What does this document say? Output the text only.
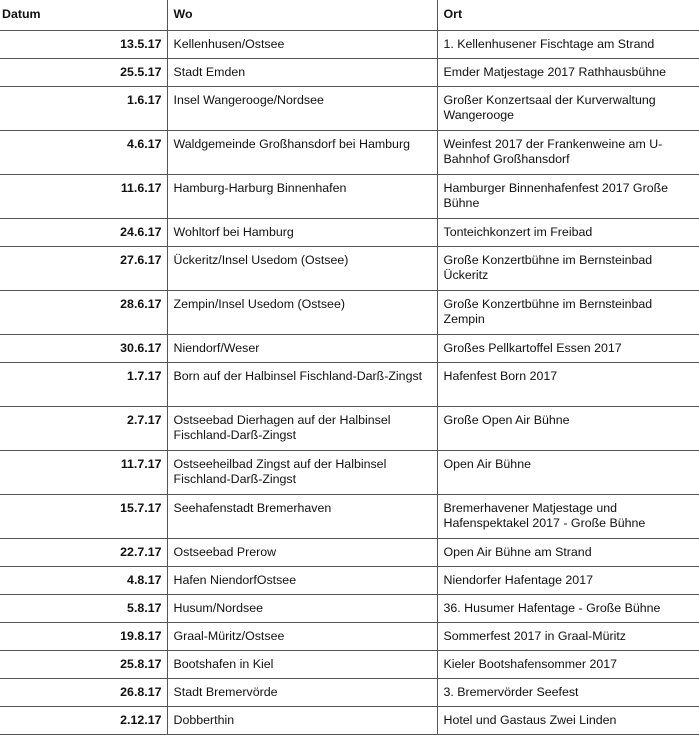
Datum	Wo	Ort
13.5.17	Kellenhusen/Ostsee	1. Kellenhusener Fischtage am Strand
25.5.17	Stadt Emden	Emder Matjestage 2017 Rathhausbühne
1.6.17	Insel Wangerooge/Nordsee	Großer Konzertsaal der Kurverwaltung Wangerooge
4.6.17	Waldgemeinde Großhansdorf bei Hamburg	Weinfest 2017 der Frankenweine am U-Bahnhof Großhansdorf
11.6.17	Hamburg-Harburg Binnenhafen	Hamburger Binnenhafenfest 2017 Große Bühne
24.6.17	Wohltorf bei Hamburg	Tonteichkonzert im Freibad
27.6.17	Ückeritz/Insel Usedom (Ostsee)	Große Konzertbühne im Bernsteinbad Ückeritz
28.6.17	Zempin/Insel Usedom (Ostsee)	Große Konzertbühne im Bernsteinbad Zempin
30.6.17	Niendorf/Weser	Großes Pellkartoffel Essen 2017
1.7.17	Born auf der Halbinsel Fischland-Darß-Zingst	Hafenfest Born 2017
2.7.17	Ostseebad Dierhagen auf der Halbinsel Fischland-Darß-Zingst	Große Open Air Bühne
11.7.17	Ostseeheilbad Zingst auf der Halbinsel Fischland-Darß-Zingst	Open Air Bühne
15.7.17	Seehafenstadt Bremerhaven	Bremerhavener Matjestage und Hafenspektakel 2017 - Große Bühne
22.7.17	Ostseebad Prerow	Open Air Bühne am Strand
4.8.17	Hafen NiendorfOstsee	Niendorfer Hafentage 2017
5.8.17	Husum/Nordsee	36. Husumer Hafentage - Große Bühne
19.8.17	Graal-Müritz/Ostsee	Sommerfest 2017 in Graal-Müritz
25.8.17	Bootshafen in Kiel	Kieler Bootshafensommer 2017
26.8.17	Stadt Bremervörde	3. Bremervörder Seefest
2.12.17	Dobberthin	Hotel und Gastaus Zwei Linden
